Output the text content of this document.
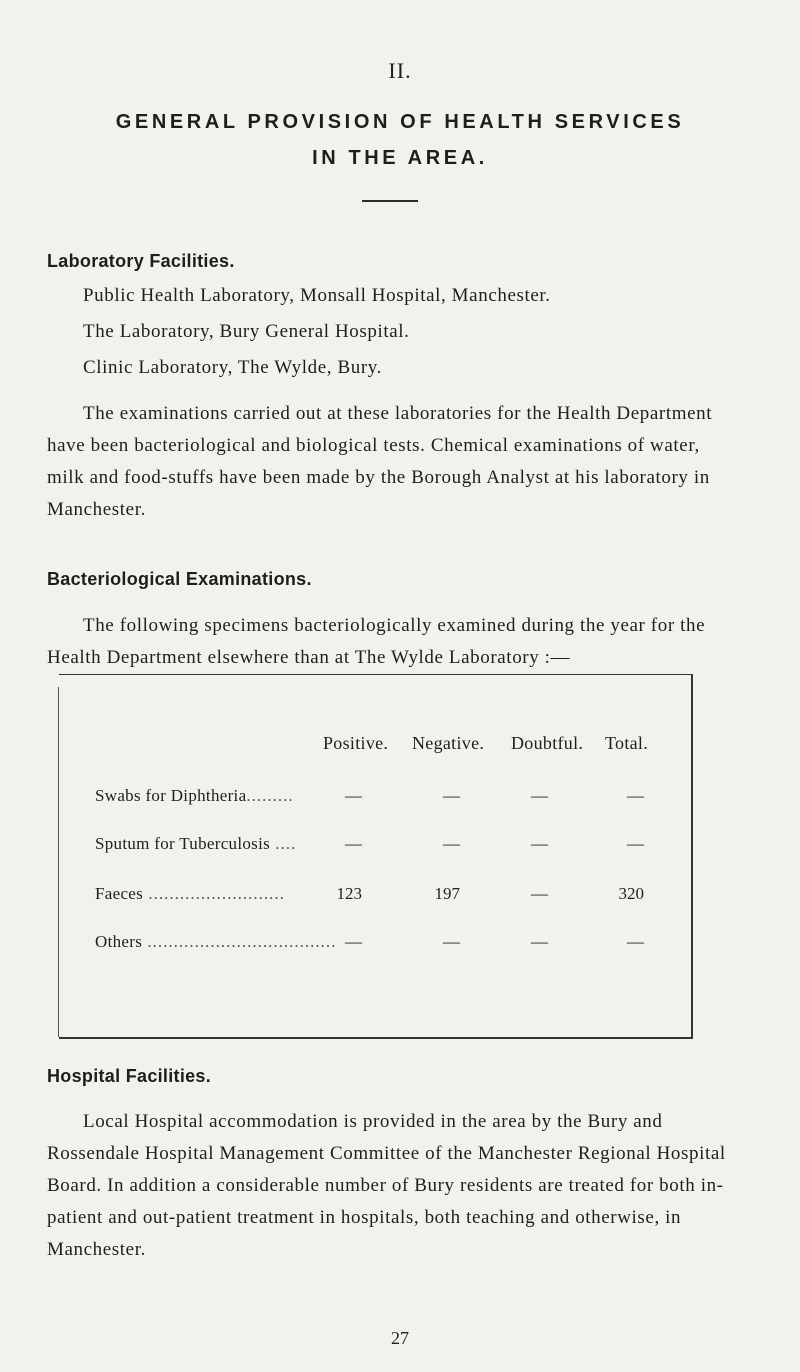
II.
GENERAL PROVISION OF HEALTH SERVICES
IN THE AREA.
Laboratory Facilities.
Public Health Laboratory, Monsall Hospital, Manchester.
The Laboratory, Bury General Hospital.
Clinic Laboratory, The Wylde, Bury.

The examinations carried out at these laboratories for the Health Department have been bacteriological and biological tests. Chemical examinations of water, milk and food-stuffs have been made by the Borough Analyst at his laboratory in Manchester.

Bacteriological Examinations.

The following specimens bacteriologically examined during the year for the Health Department elsewhere than at The Wylde Laboratory :—

Positive. Negative. Doubtful. Total.
Swabs for Diphtheria.........	—	—	—	—
Sputum for Tuberculosis ....	—	—	—	—
Faeces ..........................	123	197	—	320
Others .................................... —	—	—	—
Hospital Facilities.

Local Hospital accommodation is provided in the area by the Bury and Rossendale Hospital Management Committee of the Manchester Regional Hospital Board. In addition a considerable number of Bury residents are treated for both in-patient and out-patient treatment in hospitals, both teaching and otherwise, in Manchester.

27
